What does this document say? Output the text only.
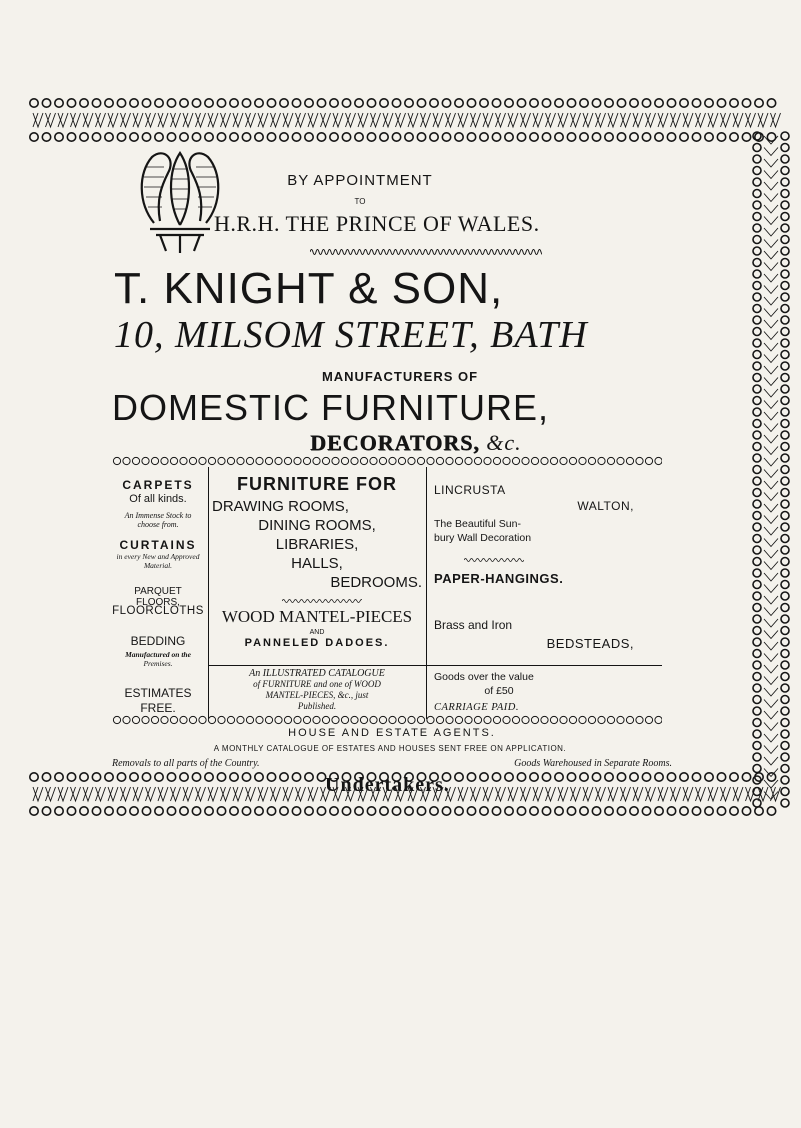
BY APPOINTMENT
TO
H.R.H. THE PRINCE OF WALES.
T. KNIGHT & SON,
10, MILSOM STREET, BATH
MANUFACTURERS OF
DOMESTIC FURNITURE,
DECORATORS, &c.
CARPETS
Of all kinds.
An Immense Stock to
choose from.
CURTAINS
in every New and Approved
Material.
PARQUET FLOORS,
FLOORCLOTHS
BEDDING
Manufactured on the
Premises.
ESTIMATES
FREE.
FURNITURE FOR
DRAWING ROOMS,
DINING ROOMS,
LIBRARIES,
HALLS,
BEDROOMS.
WOOD MANTEL-PIECES
AND
PANNELED DADOES.
An ILLUSTRATED CATALOGUE
of FURNITURE and one of WOOD
MANTEL-PIECES, &c., just
Published.
LINCRUSTA
WALTON,
The Beautiful Sun-
bury Wall Decoration
PAPER-HANGINGS.
Brass and Iron
BEDSTEADS,
Goods over the value
of £50
CARRIAGE PAID.
HOUSE AND ESTATE AGENTS.
A MONTHLY CATALOGUE OF ESTATES AND HOUSES SENT FREE ON APPLICATION.
Removals to all parts of the Country.	Goods Warehoused in Separate Rooms.
Undertakers.
